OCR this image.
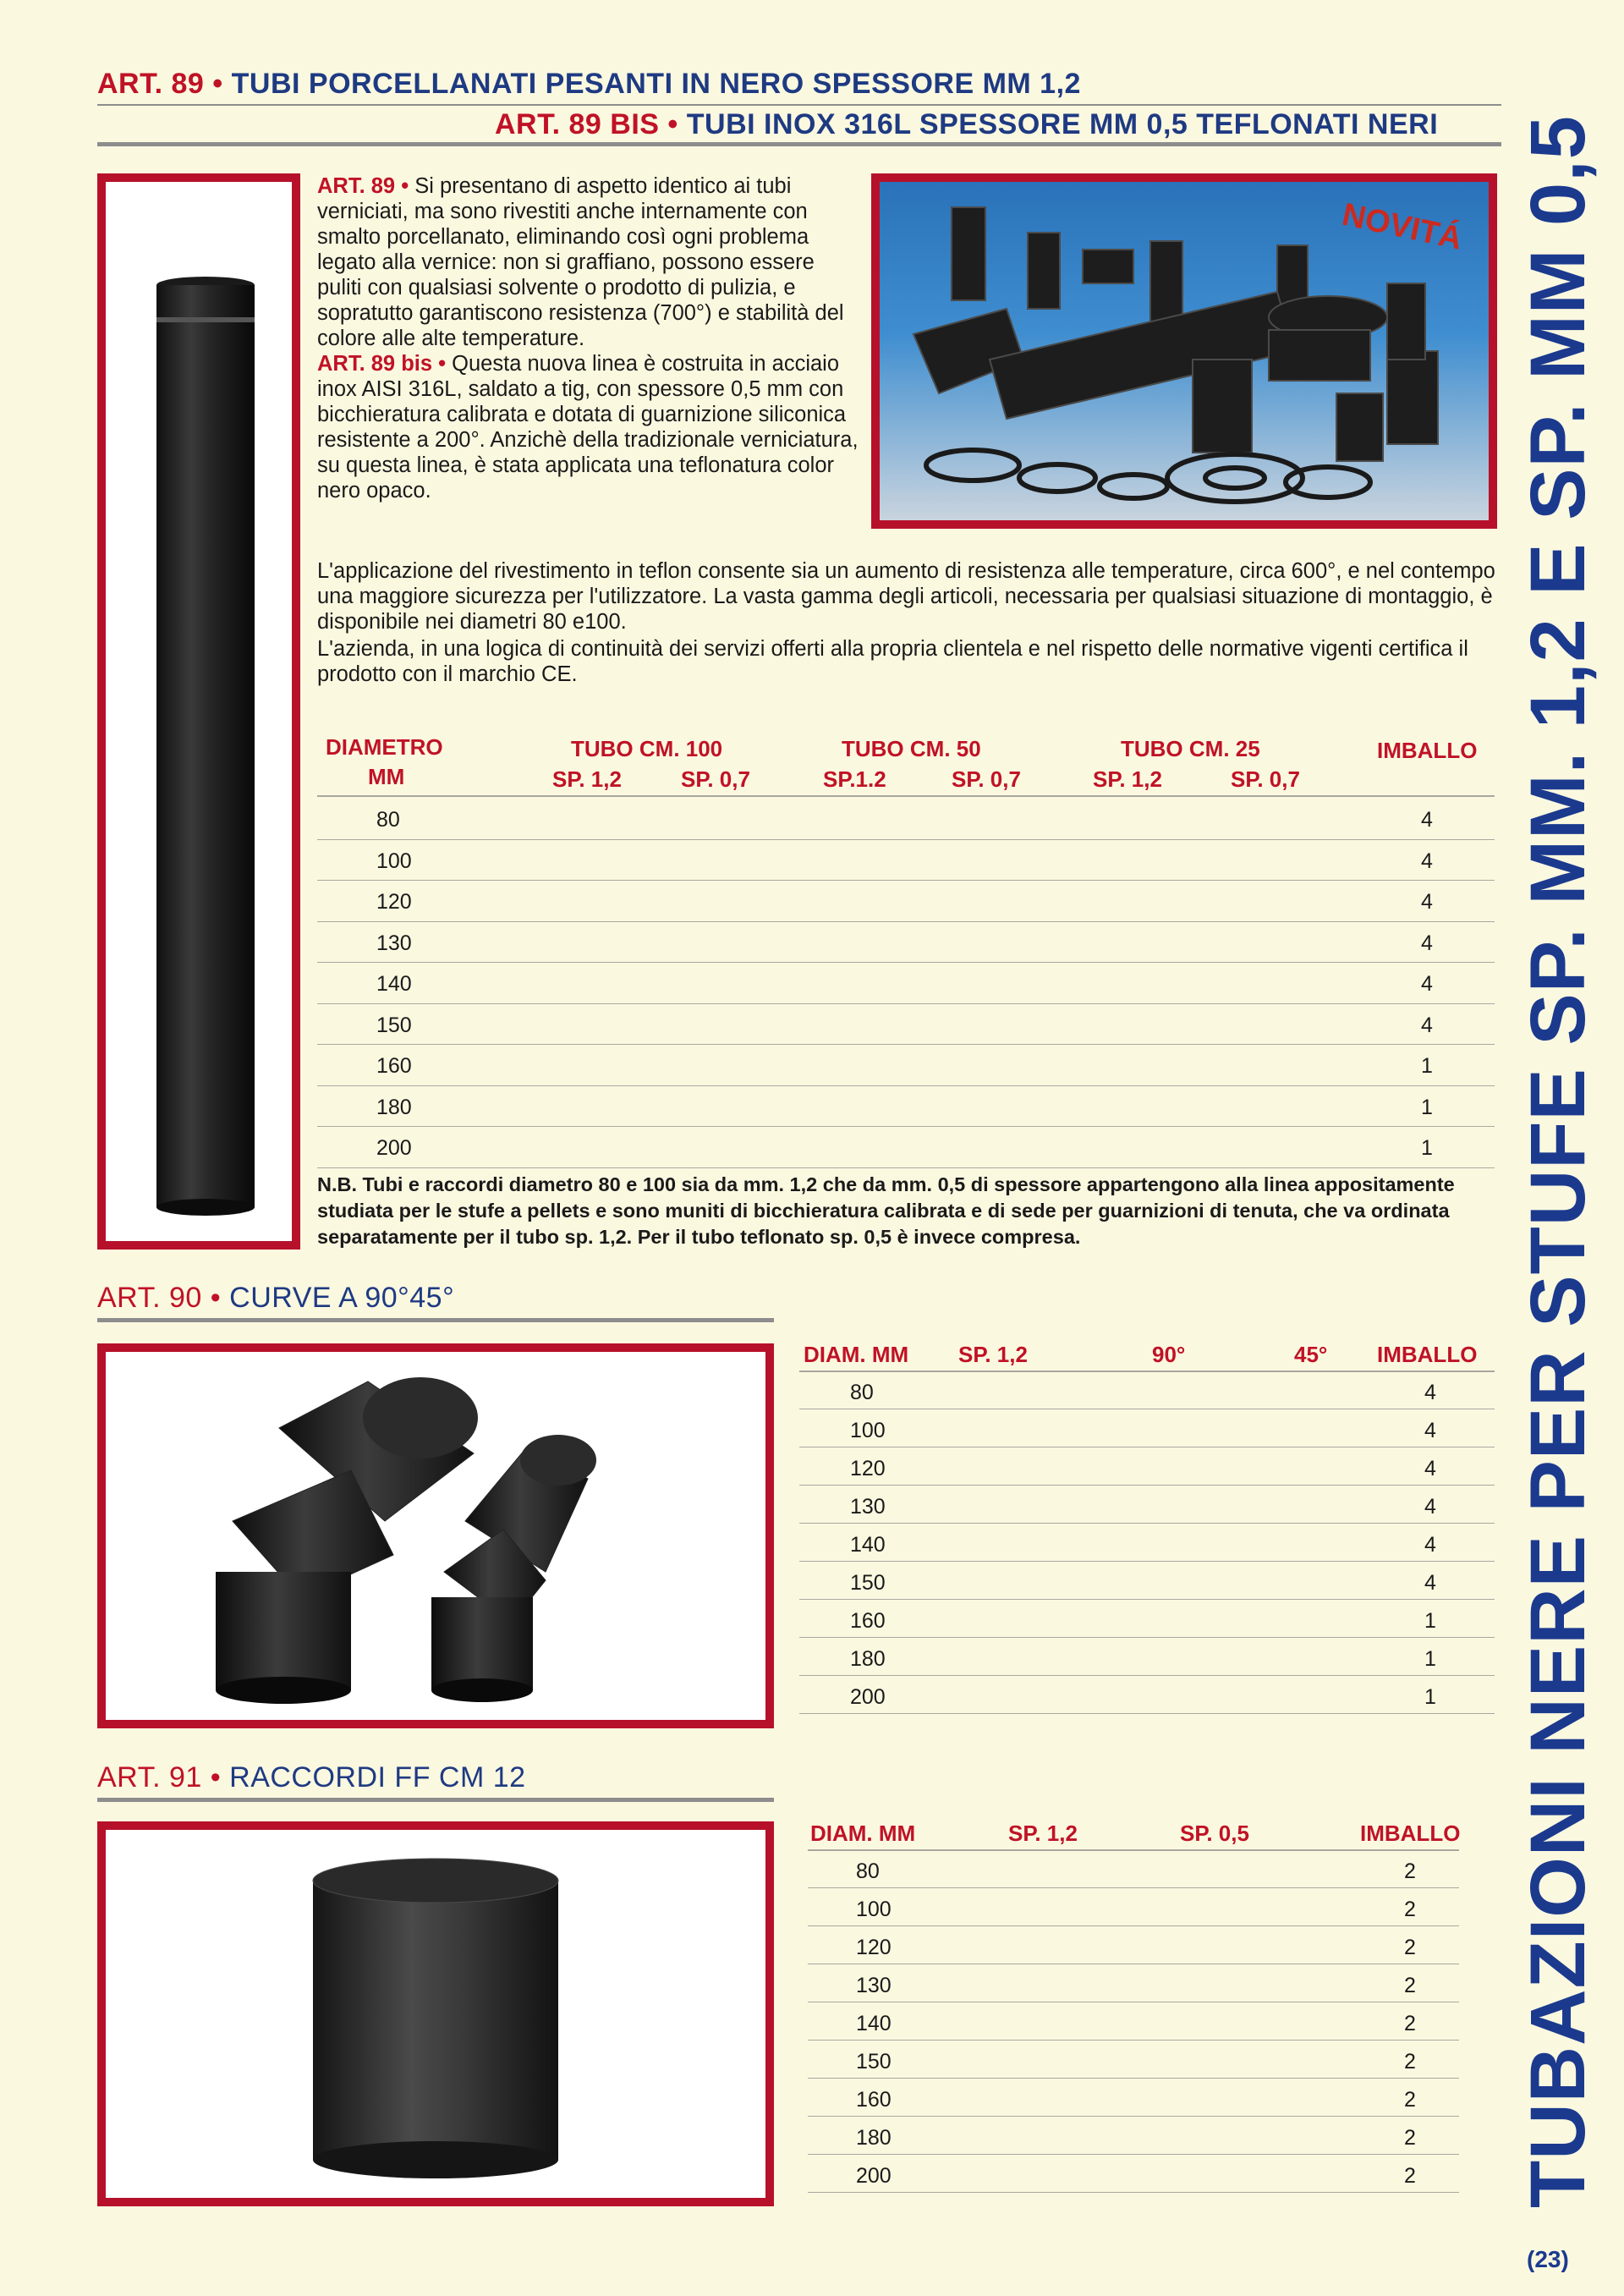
ART. 89 • TUBI PORCELLANATI PESANTI IN NERO SPESSORE MM 1,2
ART. 89 BIS • TUBI INOX 316L SPESSORE MM 0,5 TEFLONATI NERI
ART. 89 • Si presentano di aspetto identico ai tubi verniciati, ma sono rivestiti anche internamente con smalto porcellanato, eliminando così ogni problema legato alla vernice: non si graffiano, possono essere puliti con qualsiasi solvente o prodotto di pulizia, e sopratutto garantiscono resistenza (700°) e stabilità del colore alle alte temperature.
ART. 89 bis • Questa nuova linea è costruita in acciaio inox AISI 316L, saldato a tig, con spessore 0,5 mm con bicchieratura calibrata e dotata di guarnizione siliconica resistente a 200°. Anzichè della tradizionale verniciatura, su questa linea, è stata applicata una teflonatura color nero opaco.
NOVITÁ
L'applicazione del rivestimento in teflon consente sia un aumento di resistenza alle temperature, circa 600°, e nel contempo una maggiore sicurezza per l'utilizzatore. La vasta gamma degli articoli, necessaria per qualsiasi situazione di montaggio, è disponibile nei diametri 80 e100.
L'azienda, in una logica di continuità dei servizi offerti alla propria clientela e nel rispetto delle normative vigenti certifica il prodotto con il marchio CE.
DIAMETRO
MM
TUBO CM. 100	TUBO CM. 50	TUBO CM. 25	IMBALLO
SP. 1,2	SP. 0,7	SP.1.2	SP. 0,7	SP. 1,2	SP. 0,7
80	4
100	4
120	4
130	4
140	4
150	4
160	1
180	1
200	1
N.B. Tubi e raccordi diametro 80 e 100 sia da mm. 1,2 che da mm. 0,5 di spessore appartengono alla linea appositamente studiata per le stufe a pellets e sono muniti di bicchieratura calibrata e di sede per guarnizioni di tenuta, che va ordinata separatamente per il tubo sp. 1,2. Per il tubo teflonato sp. 0,5 è invece compresa.
ART. 90 • CURVE A 90°45°
DIAM. MM SP. 1,2	90°	45° IMBALLO
80	4
100	4
120	4
130	4
140	4
150	4
160	1
180	1
200	1
ART. 91 • RACCORDI FF CM 12
DIAM. MM	SP. 1,2	SP. 0,5	IMBALLO
80	2
100	2
120	2
130	2
140	2
150	2
160	2
180	2
200	2 TUBAZIONI NERE PER STUFE SP. MM. 1,2 E SP. MM 0,5
(23)
